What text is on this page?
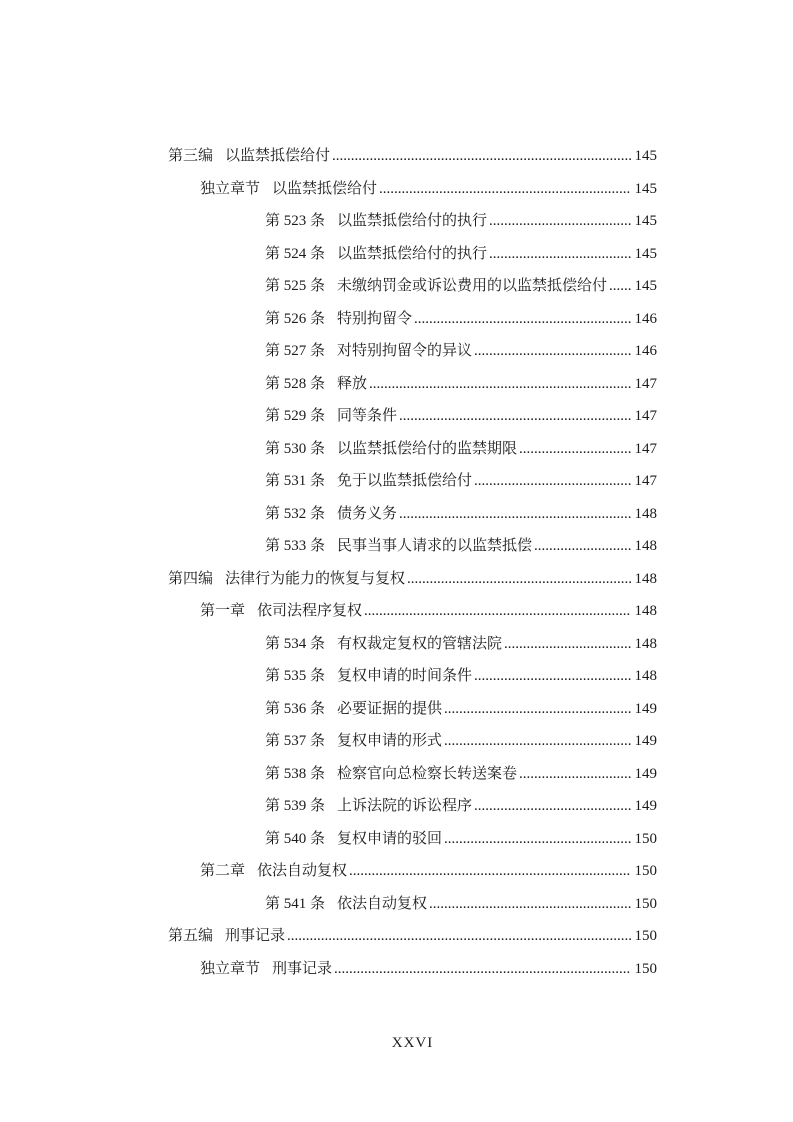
第三编 以监禁抵偿给付 .....	145
独立章节 以监禁抵偿给付 .....	145
第 523 条 以监禁抵偿给付的执行 .....	145
第 524 条 以监禁抵偿给付的执行 .....	145
第 525 条 未缴纳罚金或诉讼费用的以监禁抵偿给付 ..... 145
第 526 条 特别拘留令 .....	146
第 527 条 对特别拘留令的异议 .....	146
第 528 条 释放 .....	147
第 529 条 同等条件 .....	147
第 530 条 以监禁抵偿给付的监禁期限 .....	147
第 531 条 免于以监禁抵偿给付 .....	147
第 532 条 债务义务 .....	148
第 533 条 民事当事人请求的以监禁抵偿 .....	148
第四编 法律行为能力的恢复与复权 .....	148
第一章 依司法程序复权 .....	148
第 534 条 有权裁定复权的管辖法院 .....	148
第 535 条 复权申请的时间条件 .....	148
第 536 条 必要证据的提供 .....	149
第 537 条 复权申请的形式 .....	149
第 538 条 检察官向总检察长转送案卷 .....	149
第 539 条 上诉法院的诉讼程序 .....	149
第 540 条 复权申请的驳回 .....	150
第二章 依法自动复权 .....	150
第 541 条 依法自动复权 .....	150
第五编 刑事记录 .....	150
独立章节 刑事记录 .....	150
XXVI
